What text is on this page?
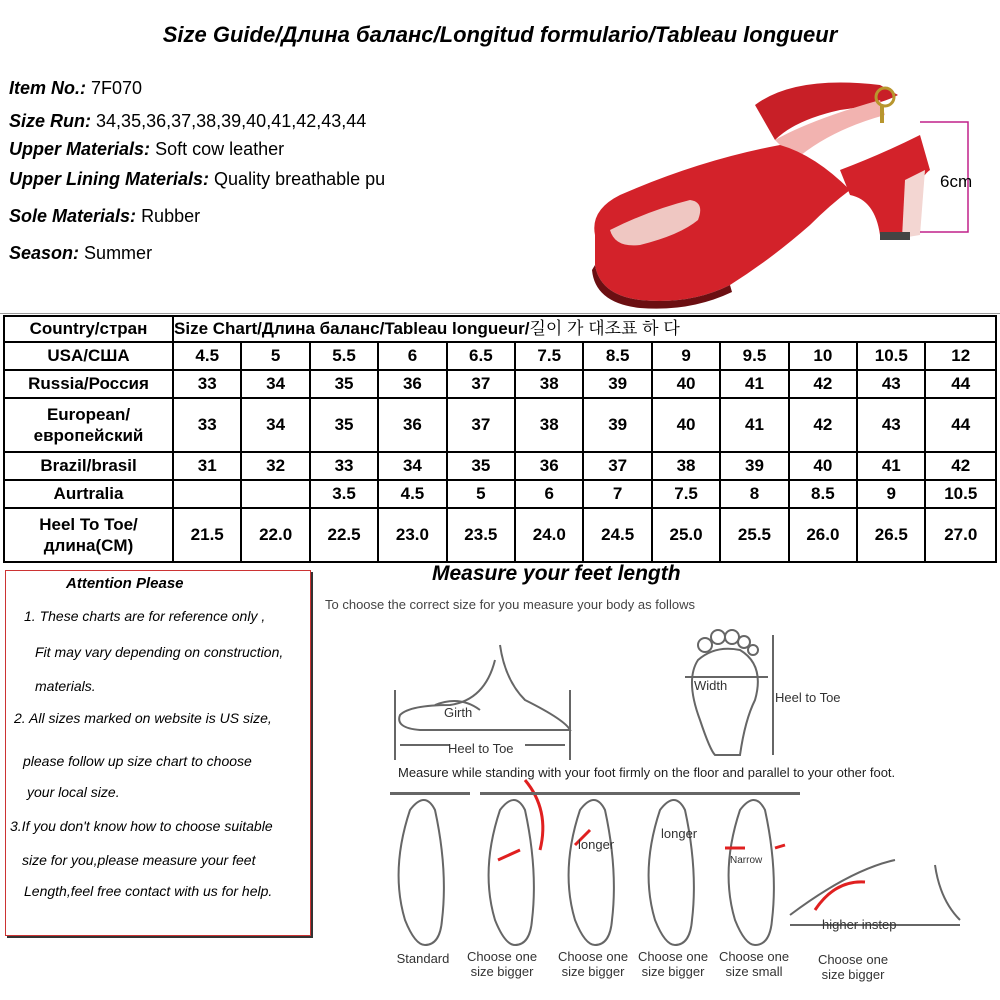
Size Guide/Длина баланс/Longitud formulario/Tableau longueur
Item No.: 7F070
Size Run: 34,35,36,37,38,39,40,41,42,43,44
Upper Materials: Soft cow leather
Upper Lining Materials: Quality breathable pu
Sole Materials: Rubber
Season: Summer
6cm
Country/стран	Size Chart/Длина баланс/Tableau longueur/길이 가 대조표 하 다											
USA/США	4.5	5	5.5	6	6.5	7.5	8.5	9	9.5	10	10.5	12
Russia/Россия	33	34	35	36	37	38	39	40	41	42	43	44
European/европейский	33	34	35	36	37	38	39	40	41	42	43	44
Brazil/brasil	31	32	33	34	35	36	37	38	39	40	41	42
Aurtralia			3.5	4.5	5	6	7	7.5	8	8.5	9	10.5
Heel To Toe/длина(CM)	21.5	22.0	22.5	23.0	23.5	24.0	24.5	25.0	25.5	26.0	26.5	27.0
Attention Please
1. These charts are for reference only ,
Fit may vary depending on construction,
materials.
2. All sizes marked on website is US size,
please follow up size chart to choose
your local size.
3.If you don't know how to choose suitable
size for you,please measure your feet
Length,feel free contact with us for help.
Measure your feet length
To choose the correct size for you measure your body as follows
Girth
Heel to Toe
Width
Heel to Toe
Measure while standing with your foot firmly on the floor and parallel to your other foot.
longer
longer
Narrow
higher instep
Standard	Choose one size bigger
Choose one size bigger
Choose one size bigger
Choose one size small
Choose one size bigger
